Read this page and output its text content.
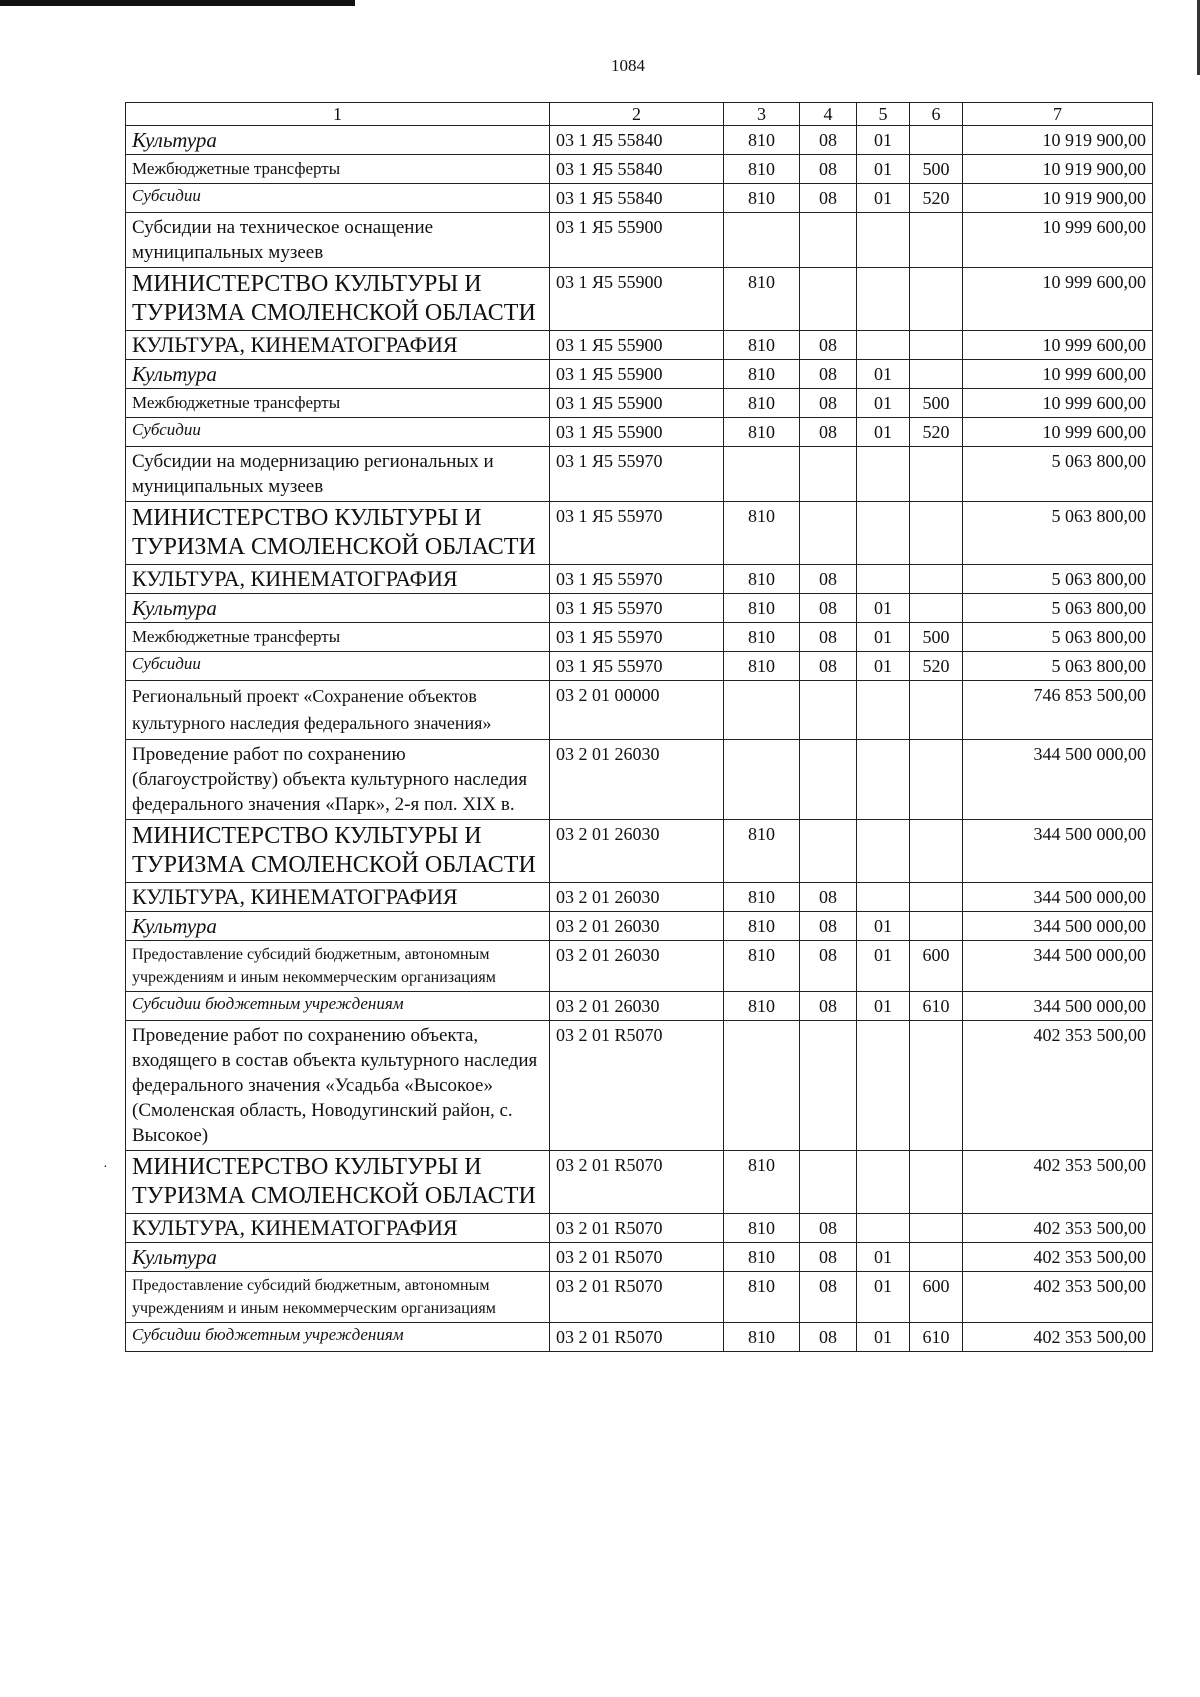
1084
·
1	2	3	4	5	6	7
Культура	03 1 Я5 55840	810	08	01		10 919 900,00
Межбюджетные трансферты	03 1 Я5 55840	810	08	01	500	10 919 900,00
Субсидии	03 1 Я5 55840	810	08	01	520	10 919 900,00
Субсидии на техническое оснащение муниципальных музеев	03 1 Я5 55900					10 999 600,00
МИНИСТЕРСТВО КУЛЬТУРЫ И ТУРИЗМА СМОЛЕНСКОЙ ОБЛАСТИ	03 1 Я5 55900	810				10 999 600,00
КУЛЬТУРА, КИНЕМАТОГРАФИЯ	03 1 Я5 55900	810	08			10 999 600,00
Культура	03 1 Я5 55900	810	08	01		10 999 600,00
Межбюджетные трансферты	03 1 Я5 55900	810	08	01	500	10 999 600,00
Субсидии	03 1 Я5 55900	810	08	01	520	10 999 600,00
Субсидии на модернизацию региональных и муниципальных музеев	03 1 Я5 55970					5 063 800,00
МИНИСТЕРСТВО КУЛЬТУРЫ И ТУРИЗМА СМОЛЕНСКОЙ ОБЛАСТИ	03 1 Я5 55970	810				5 063 800,00
КУЛЬТУРА, КИНЕМАТОГРАФИЯ	03 1 Я5 55970	810	08			5 063 800,00
Культура	03 1 Я5 55970	810	08	01		5 063 800,00
Межбюджетные трансферты	03 1 Я5 55970	810	08	01	500	5 063 800,00
Субсидии	03 1 Я5 55970	810	08	01	520	5 063 800,00
Региональный проект «Сохранение объектов культурного наследия федерального значения»	03 2 01 00000					746 853 500,00
Проведение работ по сохранению (благоустройству) объекта культурного наследия федерального значения «Парк», 2-я пол. XIX в.	03 2 01 26030					344 500 000,00
МИНИСТЕРСТВО КУЛЬТУРЫ И ТУРИЗМА СМОЛЕНСКОЙ ОБЛАСТИ	03 2 01 26030	810				344 500 000,00
КУЛЬТУРА, КИНЕМАТОГРАФИЯ	03 2 01 26030	810	08			344 500 000,00
Культура	03 2 01 26030	810	08	01		344 500 000,00
Предоставление субсидий бюджетным, автономным учреждениям и иным некоммерческим организациям	03 2 01 26030	810	08	01	600	344 500 000,00
Субсидии бюджетным учреждениям	03 2 01 26030	810	08	01	610	344 500 000,00
Проведение работ по сохранению объекта, входящего в состав объекта культурного наследия федерального значения «Усадьба «Высокое» (Смоленская область, Новодугинский район, с. Высокое)	03 2 01 R5070					402 353 500,00
МИНИСТЕРСТВО КУЛЬТУРЫ И ТУРИЗМА СМОЛЕНСКОЙ ОБЛАСТИ	03 2 01 R5070	810				402 353 500,00
КУЛЬТУРА, КИНЕМАТОГРАФИЯ	03 2 01 R5070	810	08			402 353 500,00
Культура	03 2 01 R5070	810	08	01		402 353 500,00
Предоставление субсидий бюджетным, автономным учреждениям и иным некоммерческим организациям	03 2 01 R5070	810	08	01	600	402 353 500,00
Субсидии бюджетным учреждениям	03 2 01 R5070	810	08	01	610	402 353 500,00
